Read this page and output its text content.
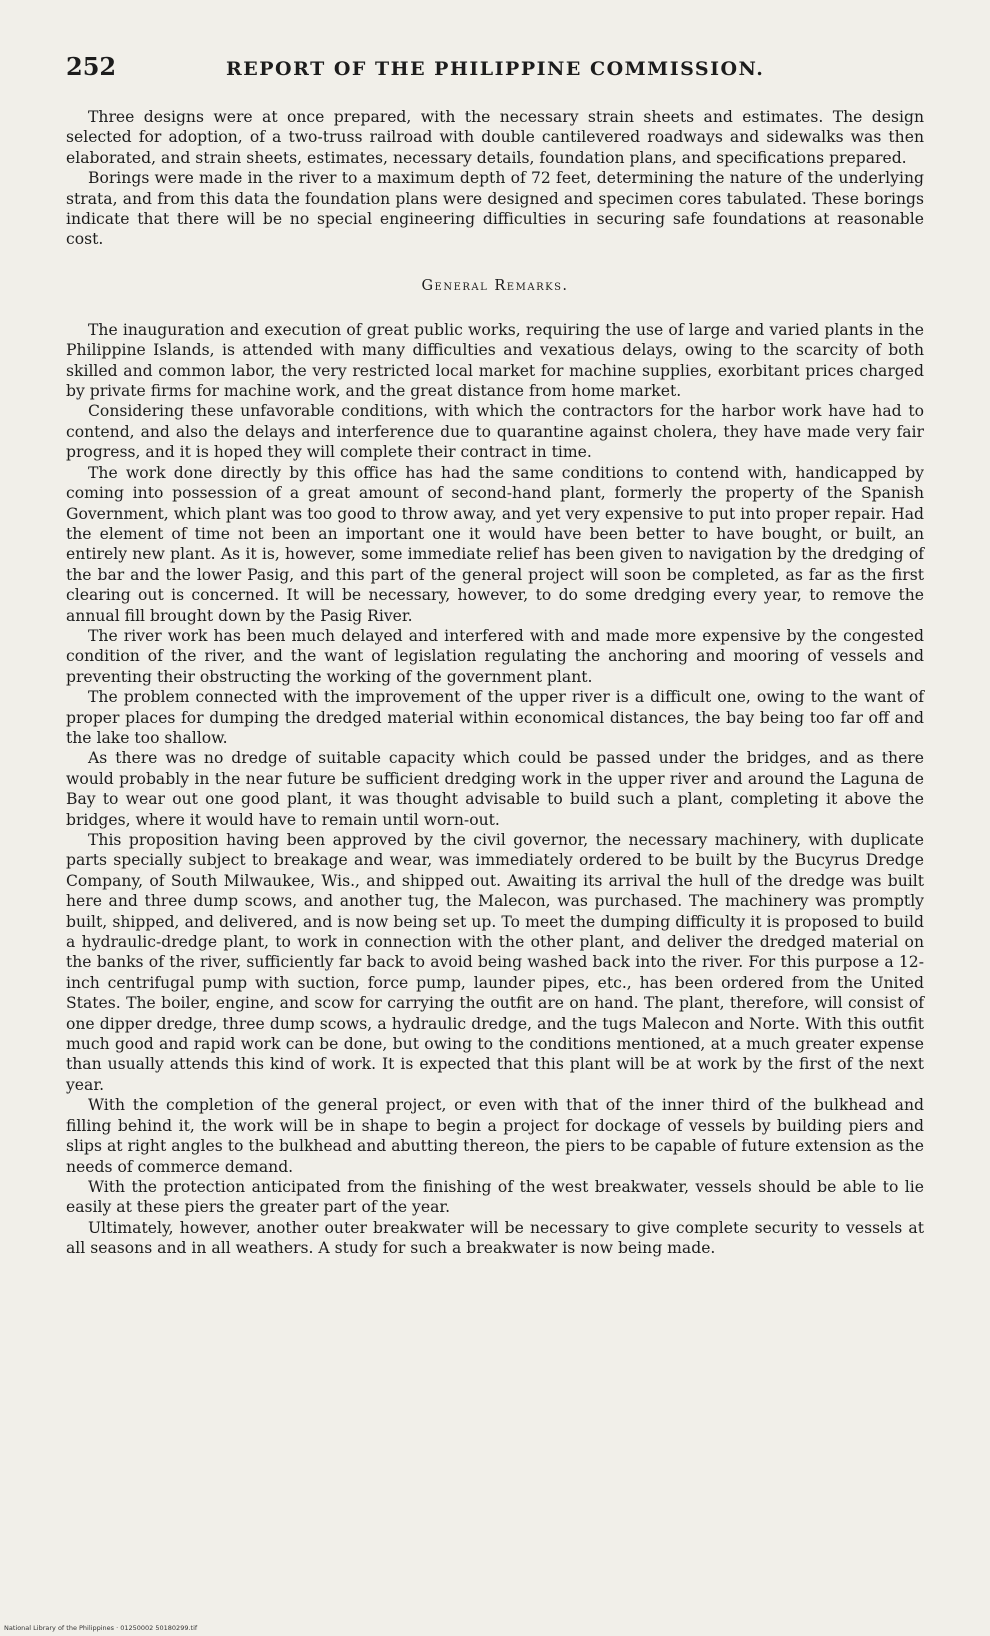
252	REPORT OF THE PHILIPPINE COMMISSION.

Three designs were at once prepared, with the necessary strain sheets and estimates. The design selected for adoption, of a two-truss railroad with double cantilevered roadways and sidewalks was then elaborated, and strain sheets, estimates, necessary details, foundation plans, and specifications prepared.

Borings were made in the river to a maximum depth of 72 feet, determining the nature of the underlying strata, and from this data the foundation plans were designed and specimen cores tabulated. These borings indicate that there will be no special engineering difficulties in securing safe foundations at reasonable cost.

General Remarks.

The inauguration and execution of great public works, requiring the use of large and varied plants in the Philippine Islands, is attended with many difficulties and vexatious delays, owing to the scarcity of both skilled and common labor, the very restricted local market for machine supplies, exorbitant prices charged by private firms for machine work, and the great distance from home market.

Considering these unfavorable conditions, with which the contractors for the harbor work have had to contend, and also the delays and interference due to quarantine against cholera, they have made very fair progress, and it is hoped they will complete their contract in time.

The work done directly by this office has had the same conditions to contend with, handicapped by coming into possession of a great amount of second-hand plant, formerly the property of the Spanish Government, which plant was too good to throw away, and yet very expensive to put into proper repair. Had the element of time not been an important one it would have been better to have bought, or built, an entirely new plant. As it is, however, some immediate relief has been given to navigation by the dredging of the bar and the lower Pasig, and this part of the general project will soon be completed, as far as the first clearing out is concerned. It will be necessary, however, to do some dredging every year, to remove the annual fill brought down by the Pasig River.

The river work has been much delayed and interfered with and made more expensive by the congested condition of the river, and the want of legislation regulating the anchoring and mooring of vessels and preventing their obstructing the working of the government plant.

The problem connected with the improvement of the upper river is a difficult one, owing to the want of proper places for dumping the dredged material within economical distances, the bay being too far off and the lake too shallow.

As there was no dredge of suitable capacity which could be passed under the bridges, and as there would probably in the near future be sufficient dredging work in the upper river and around the Laguna de Bay to wear out one good plant, it was thought advisable to build such a plant, completing it above the bridges, where it would have to remain until worn-out.

This proposition having been approved by the civil governor, the necessary machinery, with duplicate parts specially subject to breakage and wear, was immediately ordered to be built by the Bucyrus Dredge Company, of South Milwaukee, Wis., and shipped out. Awaiting its arrival the hull of the dredge was built here and three dump scows, and another tug, the Malecon, was purchased. The machinery was promptly built, shipped, and delivered, and is now being set up. To meet the dumping difficulty it is proposed to build a hydraulic-dredge plant, to work in connection with the other plant, and deliver the dredged material on the banks of the river, sufficiently far back to avoid being washed back into the river. For this purpose a 12-inch centrifugal pump with suction, force pump, launder pipes, etc., has been ordered from the United States. The boiler, engine, and scow for carrying the outfit are on hand. The plant, therefore, will consist of one dipper dredge, three dump scows, a hydraulic dredge, and the tugs Malecon and Norte. With this outfit much good and rapid work can be done, but owing to the conditions mentioned, at a much greater expense than usually attends this kind of work. It is expected that this plant will be at work by the first of the next year.

With the completion of the general project, or even with that of the inner third of the bulkhead and filling behind it, the work will be in shape to begin a project for dockage of vessels by building piers and slips at right angles to the bulkhead and abutting thereon, the piers to be capable of future extension as the needs of commerce demand.

With the protection anticipated from the finishing of the west breakwater, vessels should be able to lie easily at these piers the greater part of the year.

Ultimately, however, another outer breakwater will be necessary to give complete security to vessels at all seasons and in all weathers. A study for such a breakwater is now being made.

National Library of the Philippines · 01250002 50180299.tif
